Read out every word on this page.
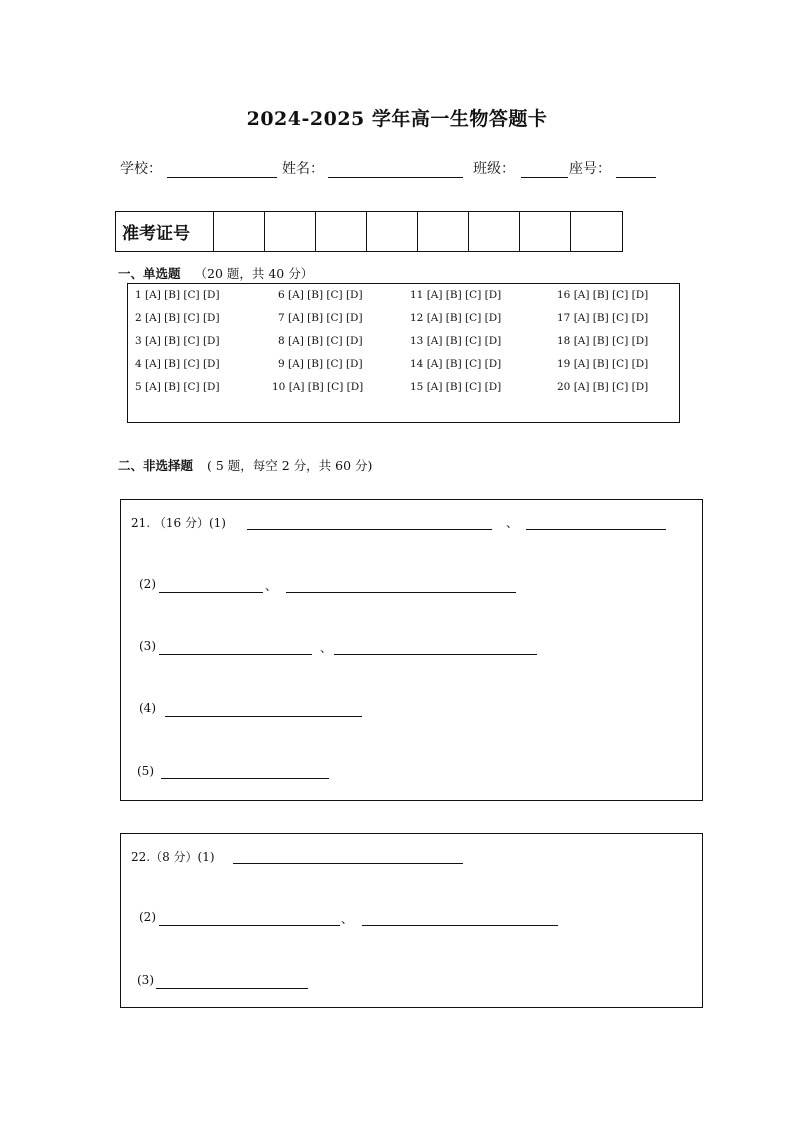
2024-2025 学年高一生物答题卡
学校：	姓名：	班级：	座号：
准考证号
一、单选题 （20 题，共 40 分）
1 [A] [B] [C] [D]
2 [A] [B] [C] [D]
3 [A] [B] [C] [D]
4 [A] [B] [C] [D]
5 [A] [B] [C] [D]
6 [A] [B] [C] [D]
7 [A] [B] [C] [D]
8 [A] [B] [C] [D]
9 [A] [B] [C] [D]
10 [A] [B] [C] [D]
11 [A] [B] [C] [D]
12 [A] [B] [C] [D]
13 [A] [B] [C] [D]
14 [A] [B] [C] [D]
15 [A] [B] [C] [D]
16 [A] [B] [C] [D]
17 [A] [B] [C] [D]
18 [A] [B] [C] [D]
19 [A] [B] [C] [D]
20 [A] [B] [C] [D]
二、非选择题 ( 5 题，每空 2 分，共 60 分)
21. （16 分）(1)	、
(2)	、
(3)	、
(4)
(5)
22.（8 分）(1)
(2)	、
(3)
